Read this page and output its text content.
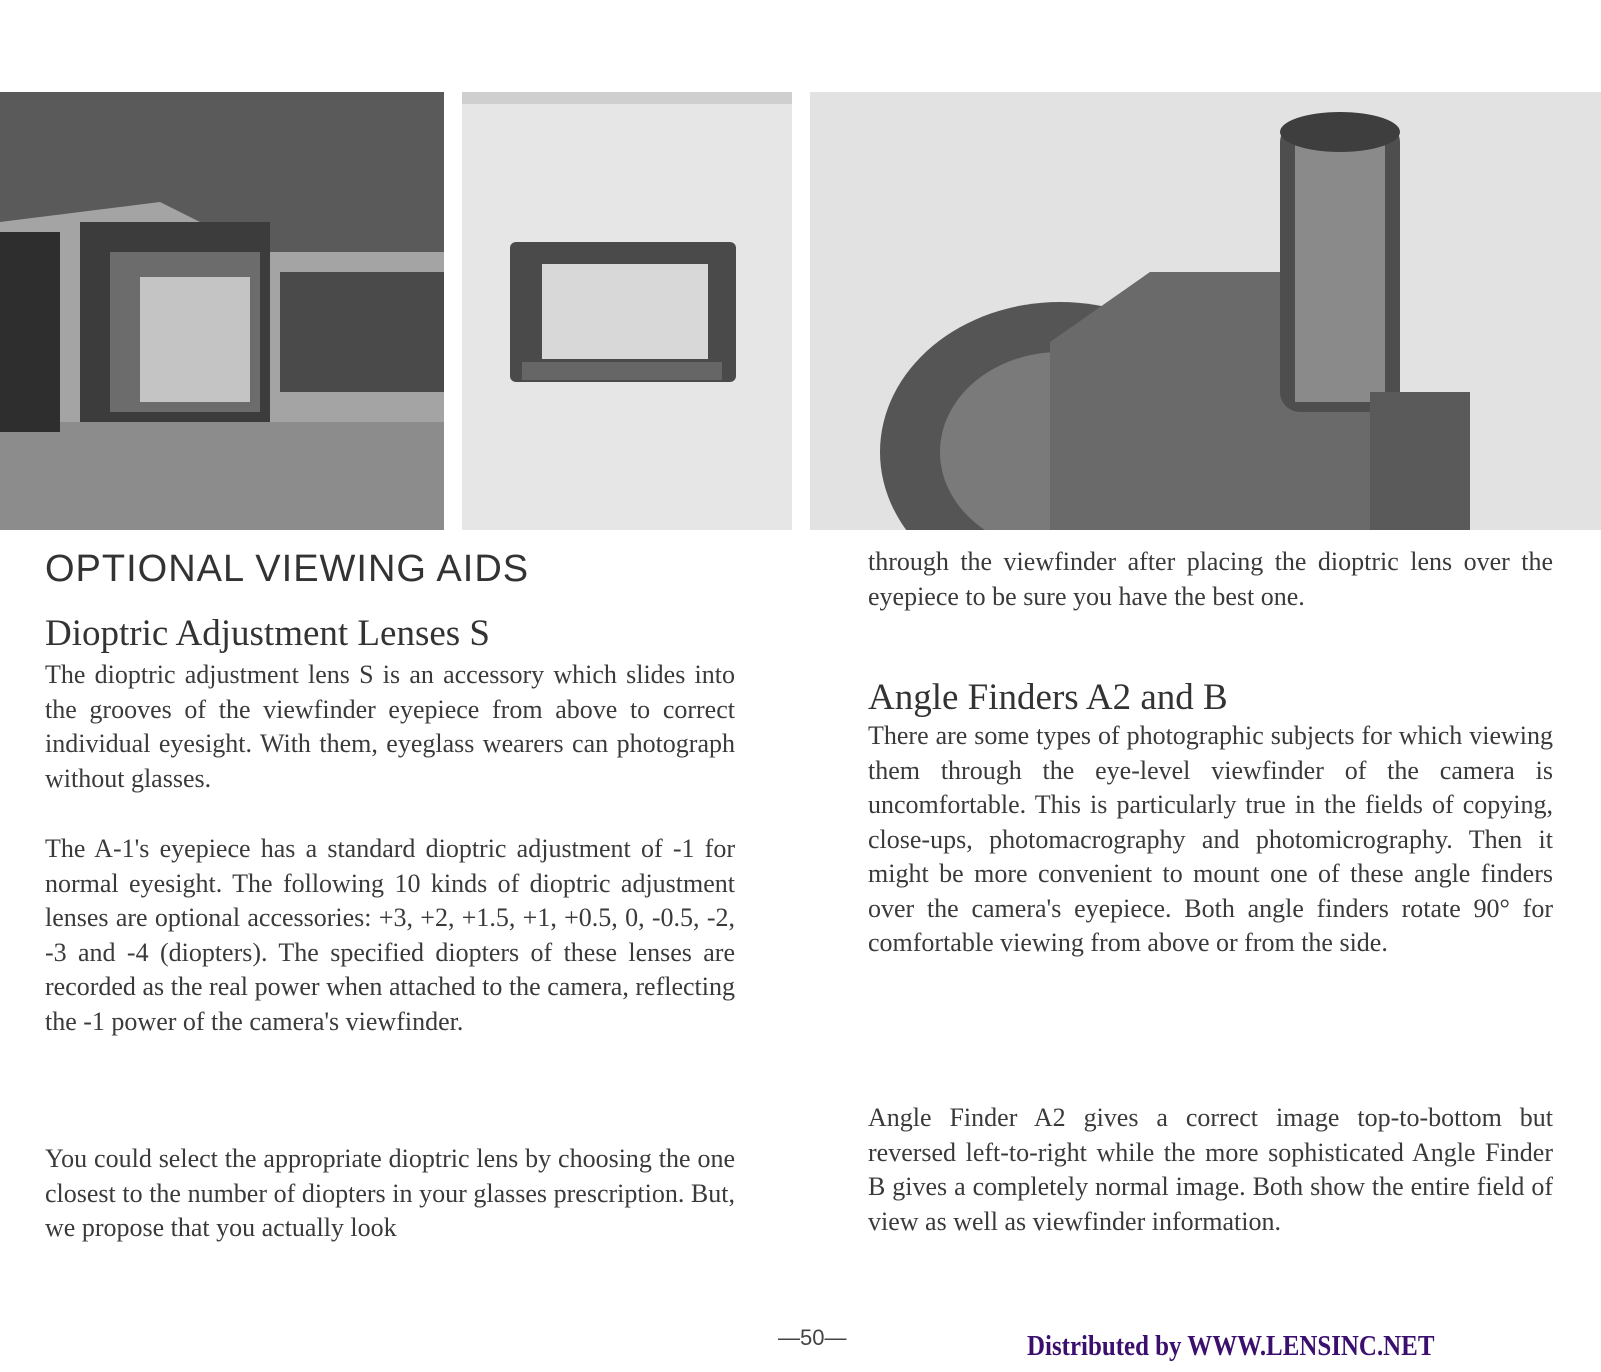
OPTIONAL VIEWING AIDS
Dioptric Adjustment Lenses S

The dioptric adjustment lens S is an accessory which slides into the grooves of the viewfinder eyepiece from above to correct individual eyesight. With them, eyeglass wearers can photograph without glasses.

The A-1's eyepiece has a standard dioptric adjustment of -1 for normal eyesight. The following 10 kinds of dioptric adjustment lenses are optional accessories: +3, +2, +1.5, +1, +0.5, 0, -0.5, -2, -3 and -4 (diopters). The specified diopters of these lenses are recorded as the real power when attached to the camera, reflecting the -1 power of the camera's viewfinder.

You could select the appropriate dioptric lens by choosing the one closest to the number of diopters in your glasses prescription. But, we propose that you actually look

through the viewfinder after placing the dioptric lens over the eyepiece to be sure you have the best one.

Angle Finders A2 and B

There are some types of photographic subjects for which viewing them through the eye-level viewfinder of the camera is uncomfortable. This is particularly true in the fields of copying, close-ups, photomacrography and photomicrography. Then it might be more convenient to mount one of these angle finders over the camera's eyepiece. Both angle finders rotate 90° for comfortable viewing from above or from the side.

Angle Finder A2 gives a correct image top-to-bottom but reversed left-to-right while the more sophisticated Angle Finder B gives a completely normal image. Both show the entire field of view as well as viewfinder information.

—50—	Distributed by WWW.LENSINC.NET
